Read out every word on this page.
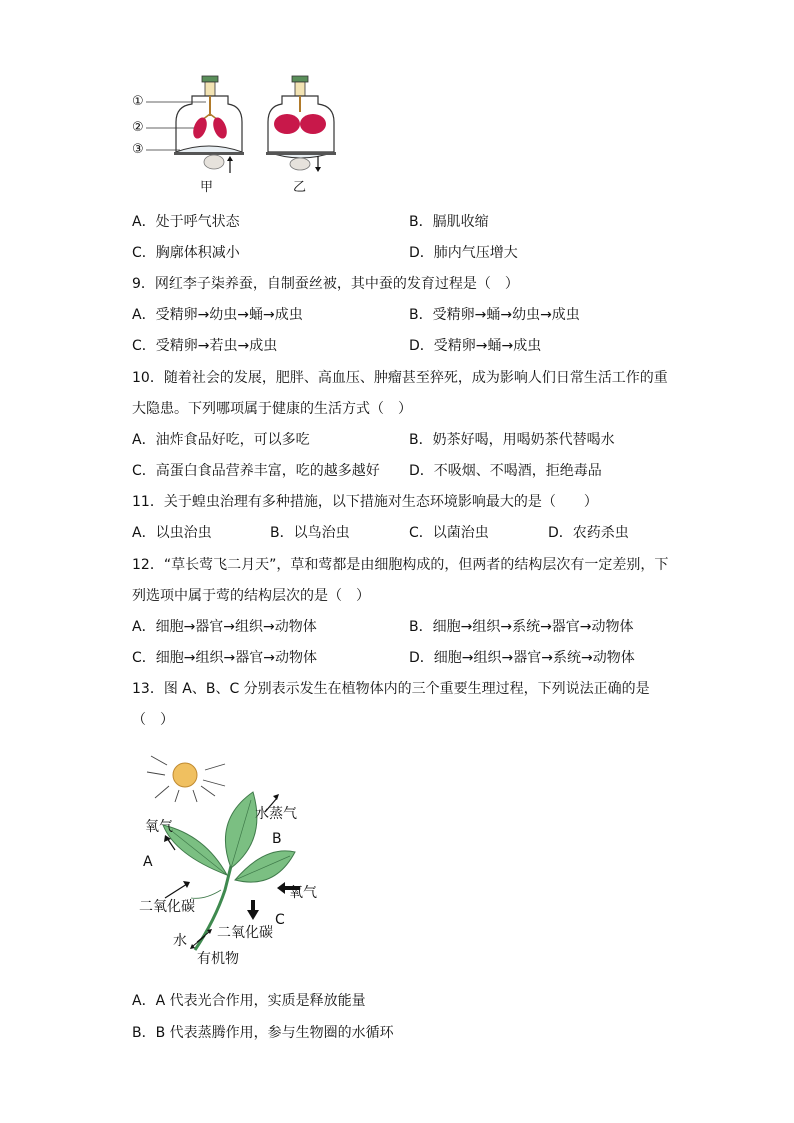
①
②
③
甲	乙
A．处于呼气状态	B．膈肌收缩
C．胸廓体积减小	D．肺内气压增大
9．网红李子柒养蚕，自制蚕丝被，其中蚕的发育过程是（　）
A．受精卵→幼虫→蛹→成虫	B．受精卵→蛹→幼虫→成虫
C．受精卵→若虫→成虫	D．受精卵→蛹→成虫
10．随着社会的发展，肥胖、高血压、肿瘤甚至猝死，成为影响人们日常生活工作的重
大隐患。下列哪项属于健康的生活方式（　）
A．油炸食品好吃，可以多吃	B．奶茶好喝，用喝奶茶代替喝水
C．高蛋白食品营养丰富，吃的越多越好 D．不吸烟、不喝酒，拒绝毒品
11．关于蝗虫治理有多种措施，以下措施对生态环境影响最大的是（　　）
A．以虫治虫	B．以鸟治虫	C．以菌治虫	D．农药杀虫
12．“草长莺飞二月天”，草和莺都是由细胞构成的，但两者的结构层次有一定差别，下
列选项中属于莺的结构层次的是（　）
A．细胞→器官→组织→动物体	B．细胞→组织→系统→器官→动物体
C．细胞→组织→器官→动物体	D．细胞→组织→器官→系统→动物体
13．图 A、B、C 分别表示发生在植物体内的三个重要生理过程，下列说法正确的是
（　）
水蒸气
B
氧气
A
二氧化碳
氧气
C
二氧化碳
水
有机物
A．A 代表光合作用，实质是释放能量
B．B 代表蒸腾作用，参与生物圈的水循环
